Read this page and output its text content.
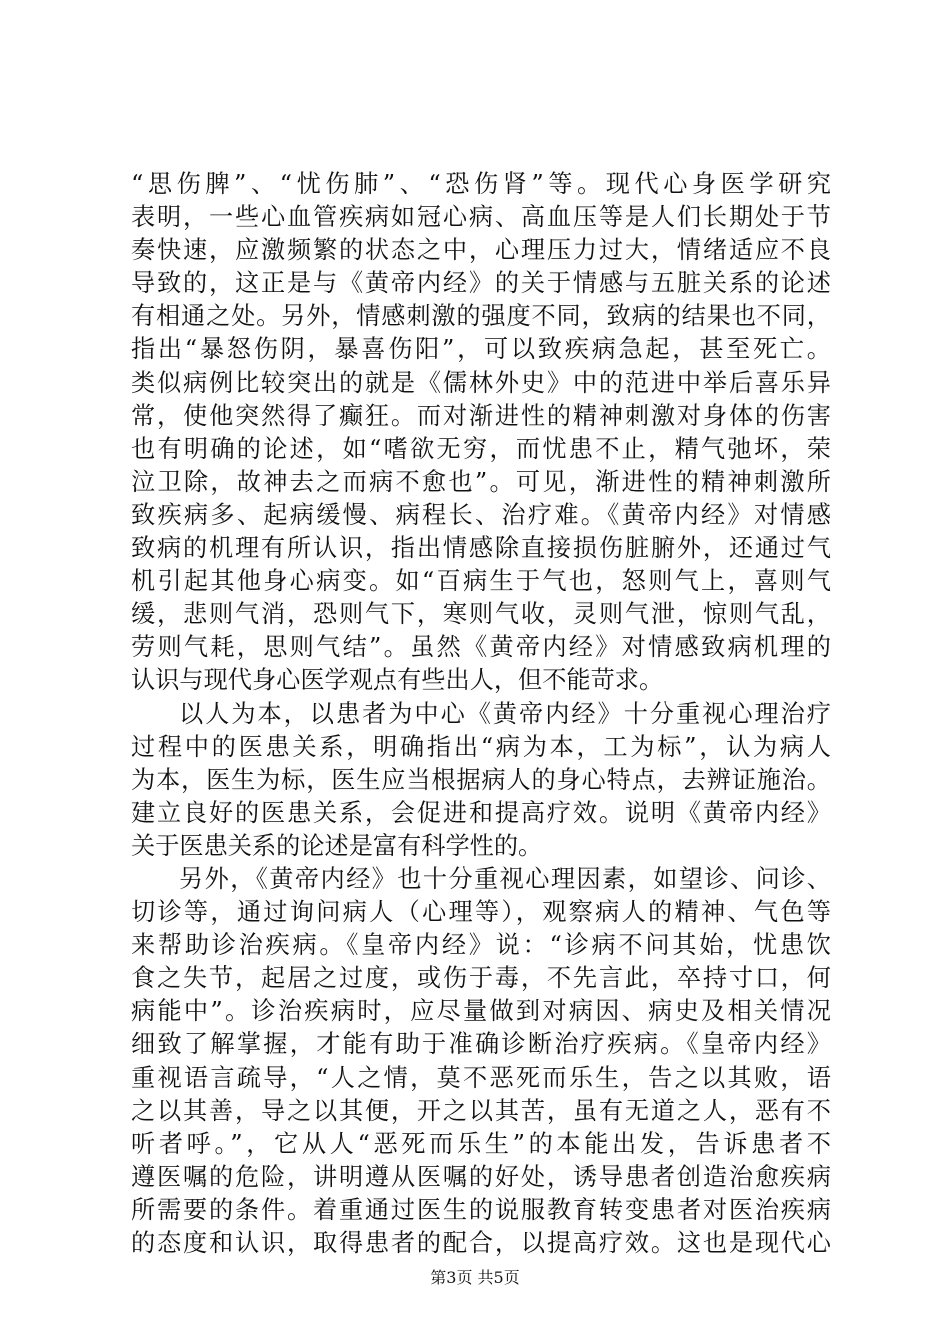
“思伤脾”、“忧伤肺”、“恐伤肾”等。现代心身医学研究
表明，一些心血管疾病如冠心病、高血压等是人们长期处于节
奏快速，应激频繁的状态之中，心理压力过大，情绪适应不良
导致的，这正是与《黄帝内经》的关于情感与五脏关系的论述
有相通之处。另外，情感刺激的强度不同，致病的结果也不同，
指出“暴怒伤阴，暴喜伤阳”，可以致疾病急起，甚至死亡。
类似病例比较突出的就是《儒林外史》中的范进中举后喜乐异
常，使他突然得了癫狂。而对渐进性的精神刺激对身体的伤害
也有明确的论述，如“嗜欲无穷，而忧患不止，精气弛坏，荣
泣卫除，故神去之而病不愈也”。可见，渐进性的精神刺激所
致疾病多、起病缓慢、病程长、治疗难。《黄帝内经》对情感
致病的机理有所认识，指出情感除直接损伤脏腑外，还通过气
机引起其他身心病变。如“百病生于气也，怒则气上，喜则气
缓，悲则气消，恐则气下，寒则气收，灵则气泄，惊则气乱，
劳则气耗，思则气结”。虽然《黄帝内经》对情感致病机理的
认识与现代身心医学观点有些出人，但不能苛求。
以人为本，以患者为中心《黄帝内经》十分重视心理治疗
过程中的医患关系，明确指出“病为本，工为标”，认为病人
为本，医生为标，医生应当根据病人的身心特点，去辨证施治。
建立良好的医患关系，会促进和提高疗效。说明《黄帝内经》
关于医患关系的论述是富有科学性的。
另外，《黄帝内经》也十分重视心理因素，如望诊、问诊、
切诊等，通过询问病人（心理等），观察病人的精神、气色等
来帮助诊治疾病。《皇帝内经》说：“诊病不问其始，忧患饮
食之失节，起居之过度，或伤于毒，不先言此，卒持寸口，何
病能中”。诊治疾病时，应尽量做到对病因、病史及相关情况
细致了解掌握，才能有助于准确诊断治疗疾病。《皇帝内经》
重视语言疏导，“人之情，莫不恶死而乐生，告之以其败，语
之以其善，导之以其便，开之以其苦，虽有无道之人，恶有不
听者呼。”，它从人“恶死而乐生”的本能出发，告诉患者不
遵医嘱的危险，讲明遵从医嘱的好处，诱导患者创造治愈疾病
所需要的条件。着重通过医生的说服教育转变患者对医治疾病
的态度和认识，取得患者的配合，以提高疗效。这也是现代心
第3页 共5页
